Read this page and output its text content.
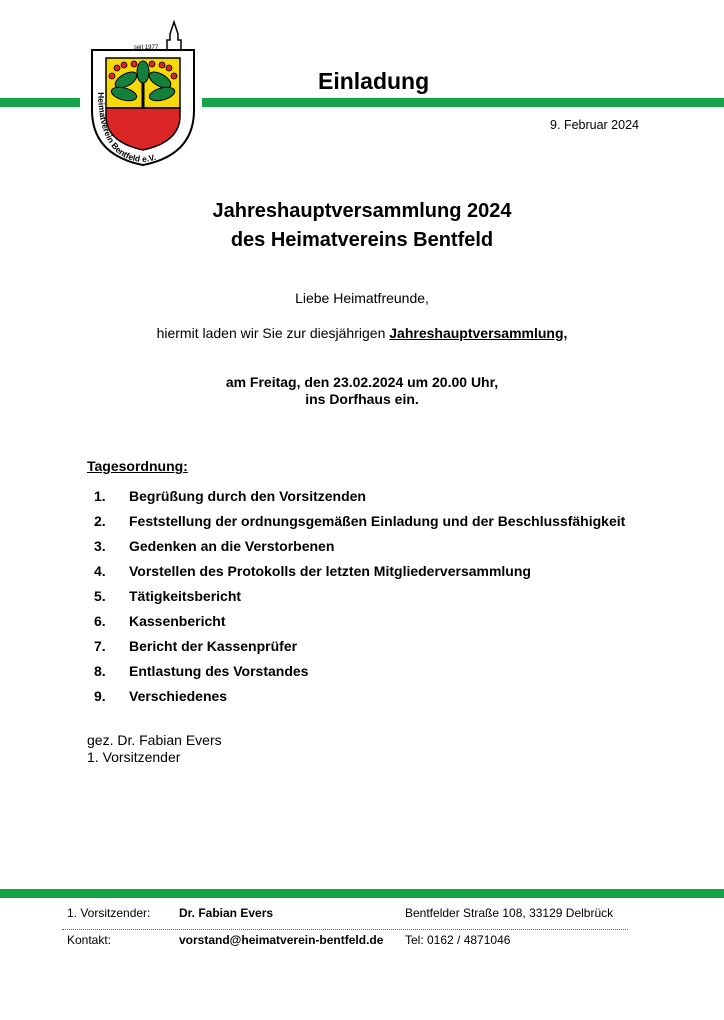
seit 1977
Heimatverein Bentfeld e.V.
Einladung
9. Februar 2024
Jahreshauptversammlung 2024
des Heimatvereins Bentfeld
Liebe Heimatfreunde,
hiermit laden wir Sie zur diesjährigen Jahreshauptversammlung,
am Freitag, den 23.02.2024 um 20.00 Uhr,
ins Dorfhaus ein.
Tagesordnung:
1.	Begrüßung durch den Vorsitzenden
2.	Feststellung der ordnungsgemäßen Einladung und der Beschlussfähigkeit
3.	Gedenken an die Verstorbenen
4.	Vorstellen des Protokolls der letzten Mitgliederversammlung
5.	Tätigkeitsbericht
6.	Kassenbericht
7.	Bericht der Kassenprüfer
8.	Entlastung des Vorstandes
9.	Verschiedenes
gez. Dr. Fabian Evers
1. Vorsitzender
1. Vorsitzender: Dr. Fabian Evers	Bentfelder Straße 108, 33129 Delbrück
Kontakt:	vorstand@heimatverein-bentfeld.de Tel: 0162 / 4871046
